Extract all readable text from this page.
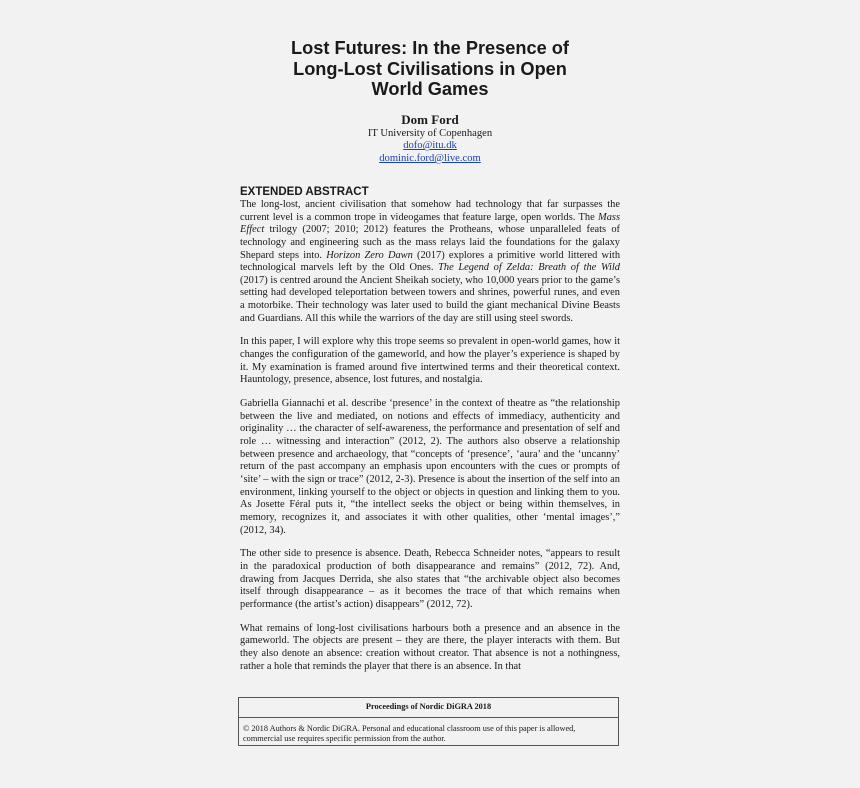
Lost Futures: In the Presence of
Long-Lost Civilisations in Open
World Games
Dom Ford
IT University of Copenhagen
dofo@itu.dk
dominic.ford@live.com
EXTENDED ABSTRACT

The long-lost, ancient civilisation that somehow had technology that far surpasses the current level is a common trope in videogames that feature large, open worlds. The Mass Effect trilogy (2007; 2010; 2012) features the Protheans, whose unparalleled feats of technology and engineering such as the mass relays laid the foundations for the galaxy Shepard steps into. Horizon Zero Dawn (2017) explores a primitive world littered with technological marvels left by the Old Ones. The Legend of Zelda: Breath of the Wild (2017) is centred around the Ancient Sheikah society, who 10,000 years prior to the game’s setting had developed teleportation between towers and shrines, powerful runes, and even a motorbike. Their technology was later used to build the giant mechanical Divine Beasts and Guardians. All this while the warriors of the day are still using steel swords.

In this paper, I will explore why this trope seems so prevalent in open-world games, how it changes the configuration of the gameworld, and how the player’s experience is shaped by it. My examination is framed around five intertwined terms and their theoretical context. Hauntology, presence, absence, lost futures, and nostalgia.

Gabriella Giannachi et al. describe ‘presence’ in the context of theatre as “the relationship between the live and mediated, on notions and effects of immediacy, authenticity and originality … the character of self-awareness, the performance and presentation of self and role … witnessing and interaction” (2012, 2). The authors also observe a relationship between presence and archaeology, that “concepts of ‘presence’, ‘aura’ and the ‘uncanny’ return of the past accompany an emphasis upon encounters with the cues or prompts of ‘site’ – with the sign or trace” (2012, 2-3). Presence is about the insertion of the self into an environment, linking yourself to the object or objects in question and linking them to you. As Josette Féral puts it, “the intellect seeks the object or being within themselves, in memory, recognizes it, and associates it with other qualities, other ‘mental images’,” (2012, 34).

The other side to presence is absence. Death, Rebecca Schneider notes, “appears to result in the paradoxical production of both disappearance and remains” (2012, 72). And, drawing from Jacques Derrida, she also states that “the archivable object also becomes itself through disappearance – as it becomes the trace of that which remains when performance (the artist’s action) disappears” (2012, 72).

What remains of long-lost civilisations harbours both a presence and an absence in the gameworld. The objects are present – they are there, the player interacts with them. But they also denote an absence: creation without creator. That absence is not a nothingness, rather a hole that reminds the player that there is an absence. In that

Proceedings of Nordic DiGRA 2018
© 2018 Authors & Nordic DiGRA. Personal and educational classroom use of this paper is allowed, commercial use requires specific permission from the author.
